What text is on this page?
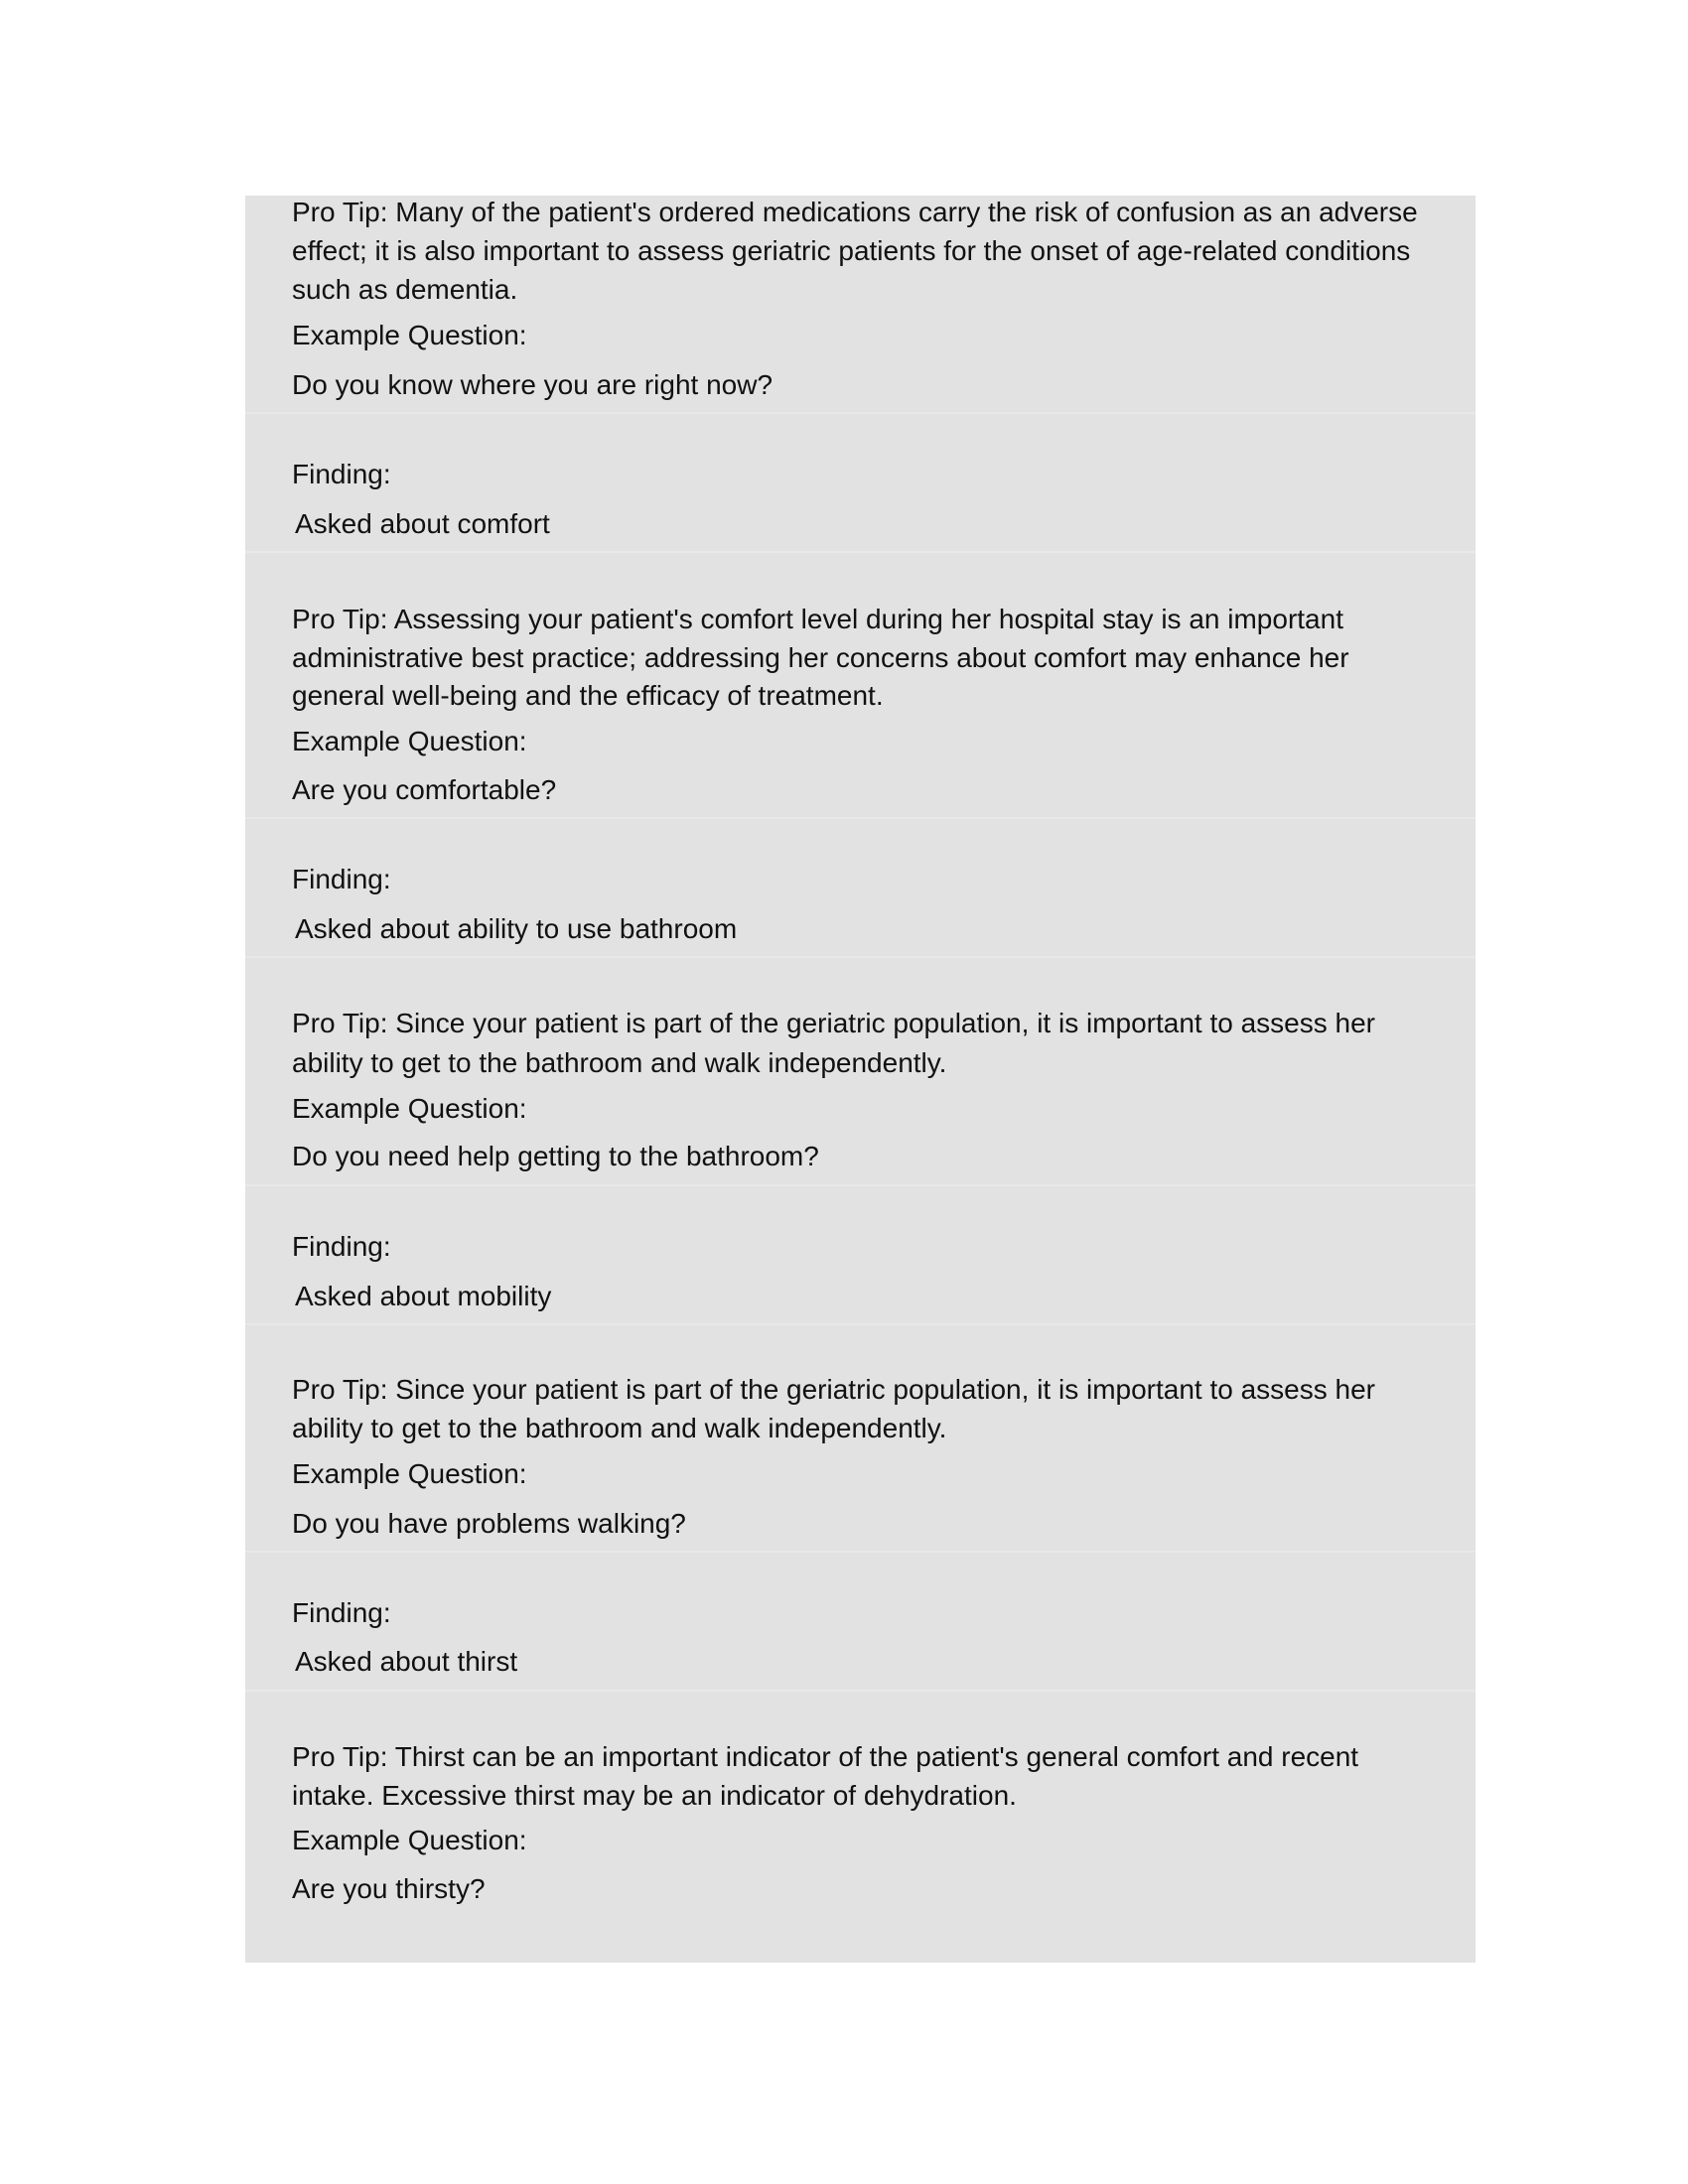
Pro Tip: Many of the patient's ordered medications carry the risk of confusion as an adverse
effect; it is also important to assess geriatric patients for the onset of age-related conditions
such as dementia.
Example Question:
Do you know where you are right now?
Finding:
Asked about comfort
Pro Tip: Assessing your patient's comfort level during her hospital stay is an important
administrative best practice; addressing her concerns about comfort may enhance her
general well-being and the efficacy of treatment.
Example Question:
Are you comfortable?
Finding:
Asked about ability to use bathroom
Pro Tip: Since your patient is part of the geriatric population, it is important to assess her
ability to get to the bathroom and walk independently.
Example Question:
Do you need help getting to the bathroom?
Finding:
Asked about mobility
Pro Tip: Since your patient is part of the geriatric population, it is important to assess her
ability to get to the bathroom and walk independently.
Example Question:
Do you have problems walking?
Finding:
Asked about thirst
Pro Tip: Thirst can be an important indicator of the patient's general comfort and recent
intake. Excessive thirst may be an indicator of dehydration.
Example Question:
Are you thirsty?
